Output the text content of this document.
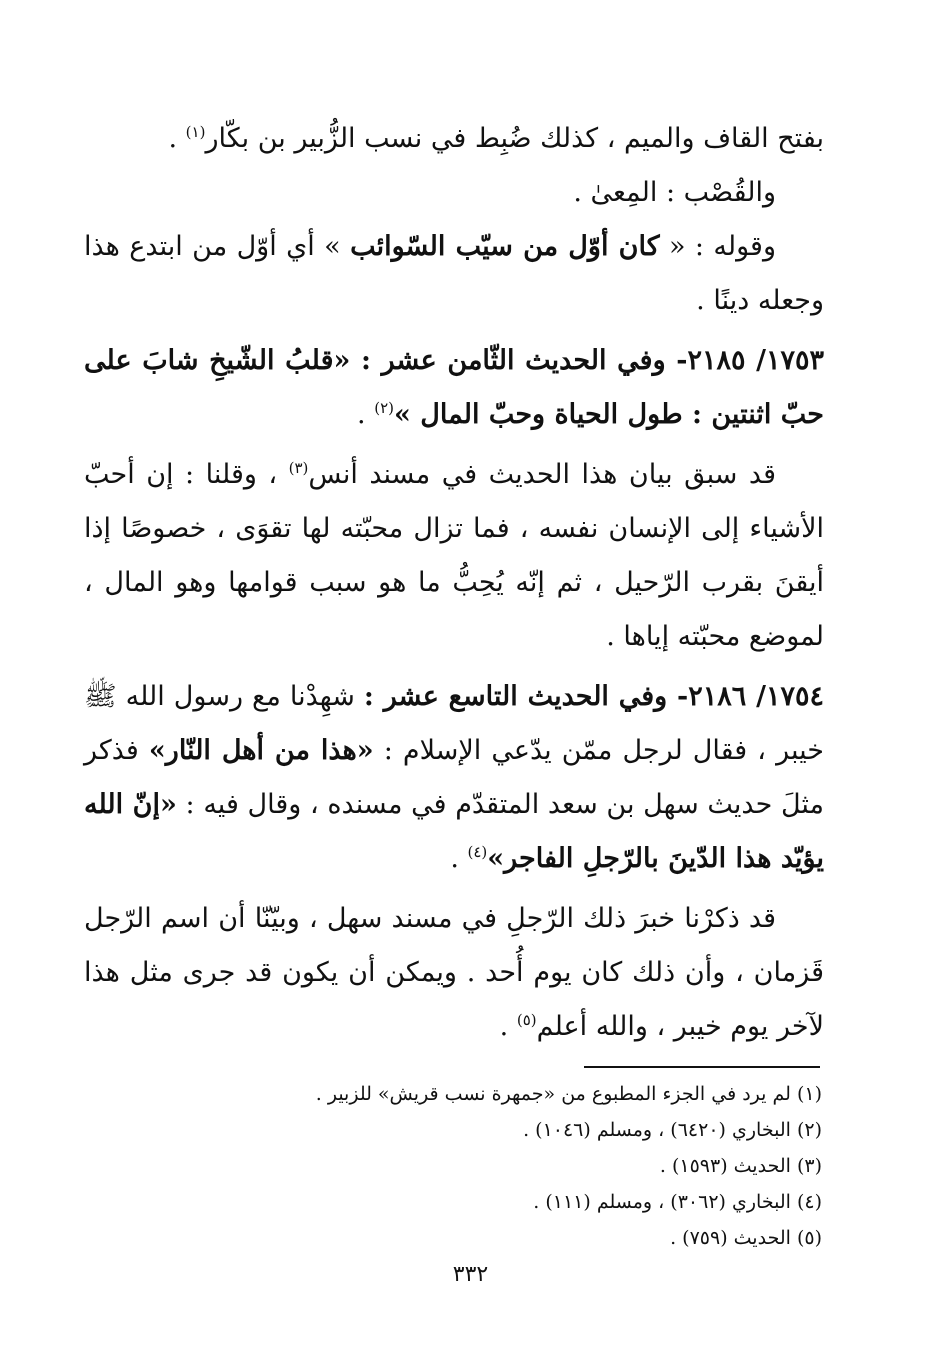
بفتح القاف والميم ، كذلك ضُبِط في نسب الزُّبير بن بكّار$^{(١)}$ .

والقُصْب : المِعىٰ .

وقوله : « كان أوّل من سيّب السّوائب » أي أوّل من ابتدع هذا وجعله دينًا .

١٧٥٣/ ٢١٨٥- وفي الحديث الثّامن عشر : «قلبُ الشّيخِ شابَ على حبّ اثنتين : طول الحياة وحبّ المال »$^{(٢)}$ .

قد سبق بيان هذا الحديث في مسند أنس$^{(٣)}$ ، وقلنا : إن أحبّ الأشياء إلى الإنسان نفسه ، فما تزال محبّته لها تقوَى ، خصوصًا إذا أيقنَ بقرب الرّحيل ، ثم إنّه يُحِبُّ ما هو سبب قوامها وهو المال ، لموضع محبّته إياها .

١٧٥٤/ ٢١٨٦- وفي الحديث التاسع عشر : شهِدْنا مع رسول الله ﷺ خيبر ، فقال لرجل ممّن يدّعي الإسلام : «هذا من أهل النّار» فذكر مثلَ حديث سهل بن سعد المتقدّم في مسنده ، وقال فيه : «إنّ الله يؤيّد هذا الدّينَ بالرّجلِ الفاجر»$^{(٤)}$ .

قد ذكرْنا خبرَ ذلك الرّجلِ في مسند سهل ، وبيّنّا أن اسم الرّجل قَزمان ، وأن ذلك كان يوم أُحد . ويمكن أن يكون قد جرى مثل هذا لآخر يوم خيبر ، والله أعلم$^{(٥)}$ .

(١) لم يرد في الجزء المطبوع من «جمهرة نسب قريش» للزبير .
(٢) البخاري (٦٤٢٠) ، ومسلم (١٠٤٦) .
(٣) الحديث (١٥٩٣) .
(٤) البخاري (٣٠٦٢) ، ومسلم (١١١) .
(٥) الحديث (٧٥٩) .
٣٣٢
